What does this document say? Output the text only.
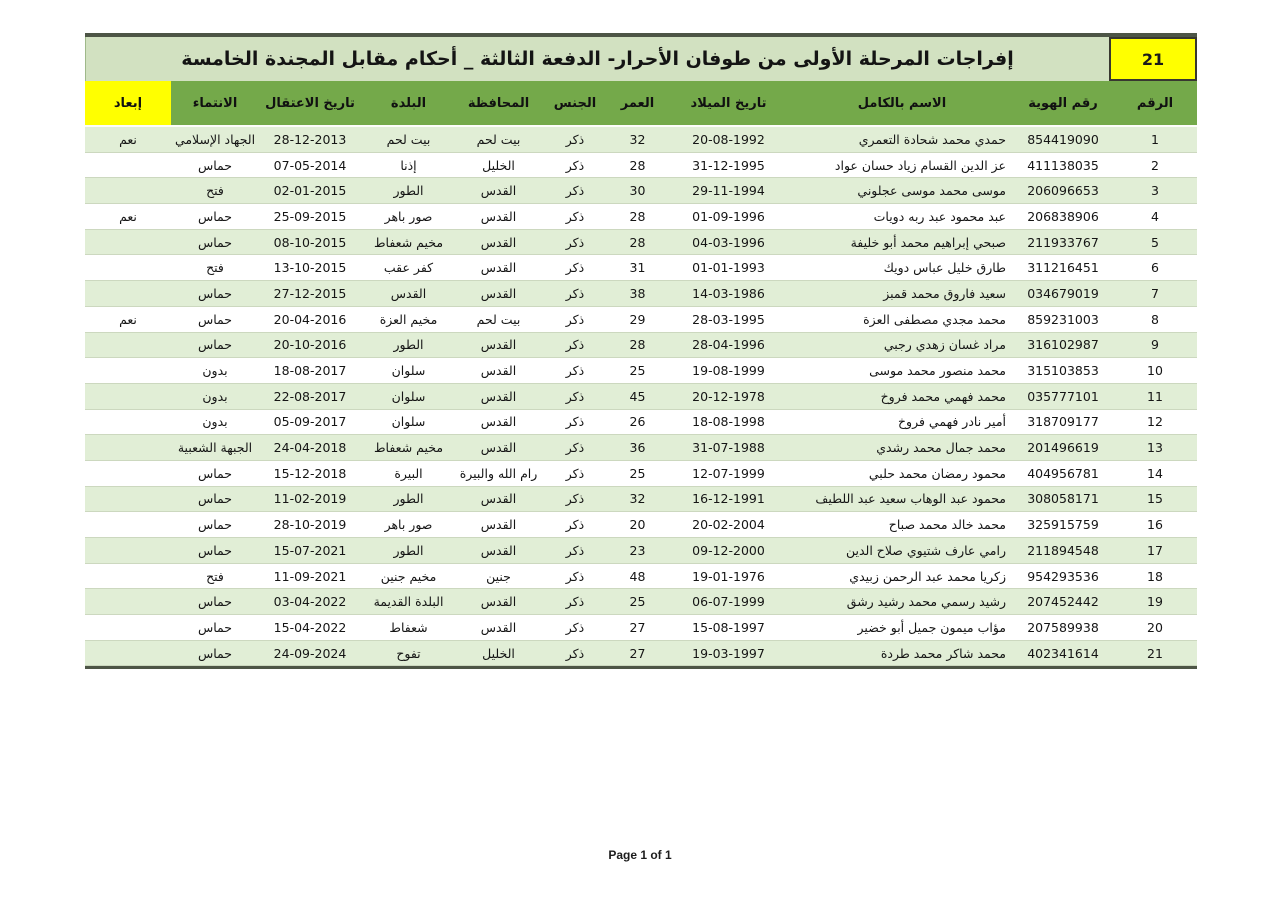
21
إفراجات المرحلة الأولى من طوفان الأحرار- الدفعة الثالثة _ أحكام مقابل المجندة الخامسة
الرقم	رقم الهوية	الاسم بالكامل	تاريخ الميلاد	العمر	الجنس	المحافظة	البلدة	تاريخ الاعتقال	الانتماء	إبعاد
1	854419090	حمدي محمد شحادة التعمري	20-08-1992	32	ذكر	بيت لحم	بيت لحم	28-12-2013	الجهاد الإسلامي	نعم
2	411138035	عز الدين القسام زياد حسان عواد	31-12-1995	28	ذكر	الخليل	إذنا	07-05-2014	حماس	
3	206096653	موسى محمد موسى عجلوني	29-11-1994	30	ذكر	القدس	الطور	02-01-2015	فتح	
4	206838906	عبد محمود عبد ربه دويات	01-09-1996	28	ذكر	القدس	صور باهر	25-09-2015	حماس	نعم
5	211933767	صبحي إبراهيم محمد أبو خليفة	04-03-1996	28	ذكر	القدس	مخيم شعفاط	08-10-2015	حماس	
6	311216451	طارق خليل عباس دويك	01-01-1993	31	ذكر	القدس	كفر عقب	13-10-2015	فتح	
7	034679019	سعيد فاروق محمد قمبز	14-03-1986	38	ذكر	القدس	القدس	27-12-2015	حماس	
8	859231003	محمد مجدي مصطفى العزة	28-03-1995	29	ذكر	بيت لحم	مخيم العزة	20-04-2016	حماس	نعم
9	316102987	مراد غسان زهدي رجبي	28-04-1996	28	ذكر	القدس	الطور	20-10-2016	حماس	
10	315103853	محمد منصور محمد موسى	19-08-1999	25	ذكر	القدس	سلوان	18-08-2017	بدون	
11	035777101	محمد فهمي محمد فروخ	20-12-1978	45	ذكر	القدس	سلوان	22-08-2017	بدون	
12	318709177	أمير نادر فهمي فروخ	18-08-1998	26	ذكر	القدس	سلوان	05-09-2017	بدون	
13	201496619	محمد جمال محمد رشدي	31-07-1988	36	ذكر	القدس	مخيم شعفاط	24-04-2018	الجبهة الشعبية	
14	404956781	محمود رمضان محمد حلبي	12-07-1999	25	ذكر	رام الله والبيرة	البيرة	15-12-2018	حماس	
15	308058171	محمود عبد الوهاب سعيد عبد اللطيف	16-12-1991	32	ذكر	القدس	الطور	11-02-2019	حماس	
16	325915759	محمد خالد محمد صباح	20-02-2004	20	ذكر	القدس	صور باهر	28-10-2019	حماس	
17	211894548	رامي عارف شتيوي صلاح الدين	09-12-2000	23	ذكر	القدس	الطور	15-07-2021	حماس	
18	954293536	زكريا محمد عبد الرحمن زبيدي	19-01-1976	48	ذكر	جنين	مخيم جنين	11-09-2021	فتح	
19	207452442	رشيد رسمي محمد رشيد رشق	06-07-1999	25	ذكر	القدس	البلدة القديمة	03-04-2022	حماس	
20	207589938	مؤاب ميمون جميل أبو خضير	15-08-1997	27	ذكر	القدس	شعفاط	15-04-2022	حماس	
21	402341614	محمد شاكر محمد طردة	19-03-1997	27	ذكر	الخليل	تفوح	24-09-2024	حماس	
Page 1 of 1
